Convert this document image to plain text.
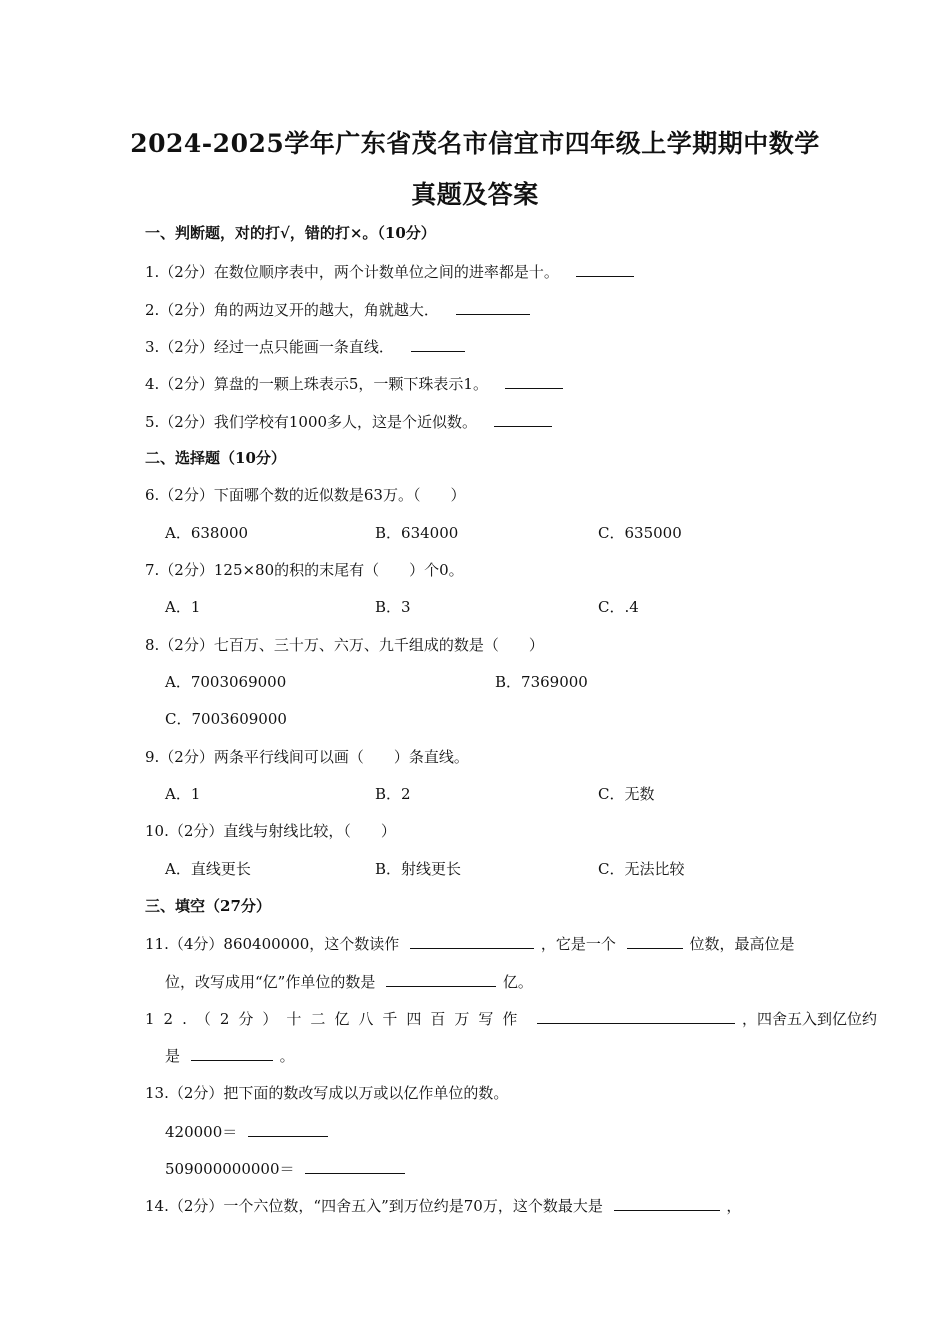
2024-2025学年广东省茂名市信宜市四年级上学期期中数学
真题及答案
一、判断题，对的打√，错的打×。（10分）
1.（2分）在数位顺序表中，两个计数单位之间的进率都是十。
2.（2分）角的两边叉开的越大，角就越大．
3.（2分）经过一点只能画一条直线．
4.（2分）算盘的一颗上珠表示5，一颗下珠表示1。
5.（2分）我们学校有1000多人，这是个近似数。
二、选择题（10分）
6.（2分）下面哪个数的近似数是63万。（　　）
A．638000	B．634000	C．635000
7.（2分）125×80的积的末尾有（　　）个0。
A．1	B．3	C．.4
8.（2分）七百万、三十万、六万、九千组成的数是（　　）
A．7003069000	B．7369000
C．7003609000
9.（2分）两条平行线间可以画（　　）条直线。
A．1	B．2	C．无数
10.（2分）直线与射线比较，（　　）
A．直线更长	B．射线更长	C．无法比较
三、填空（27分）
11.（4分）860400000，这个数读作	，它是一个	位数，最高位是
位，改写成用“亿”作单位的数是	亿。
12.（2分）十二亿八千四百万写作	，四舍五入到亿位约
是	。
13.（2分）把下面的数改写成以万或以亿作单位的数。
420000＝
509000000000＝
14.（2分）一个六位数，“四舍五入”到万位约是70万，这个数最大是	，
